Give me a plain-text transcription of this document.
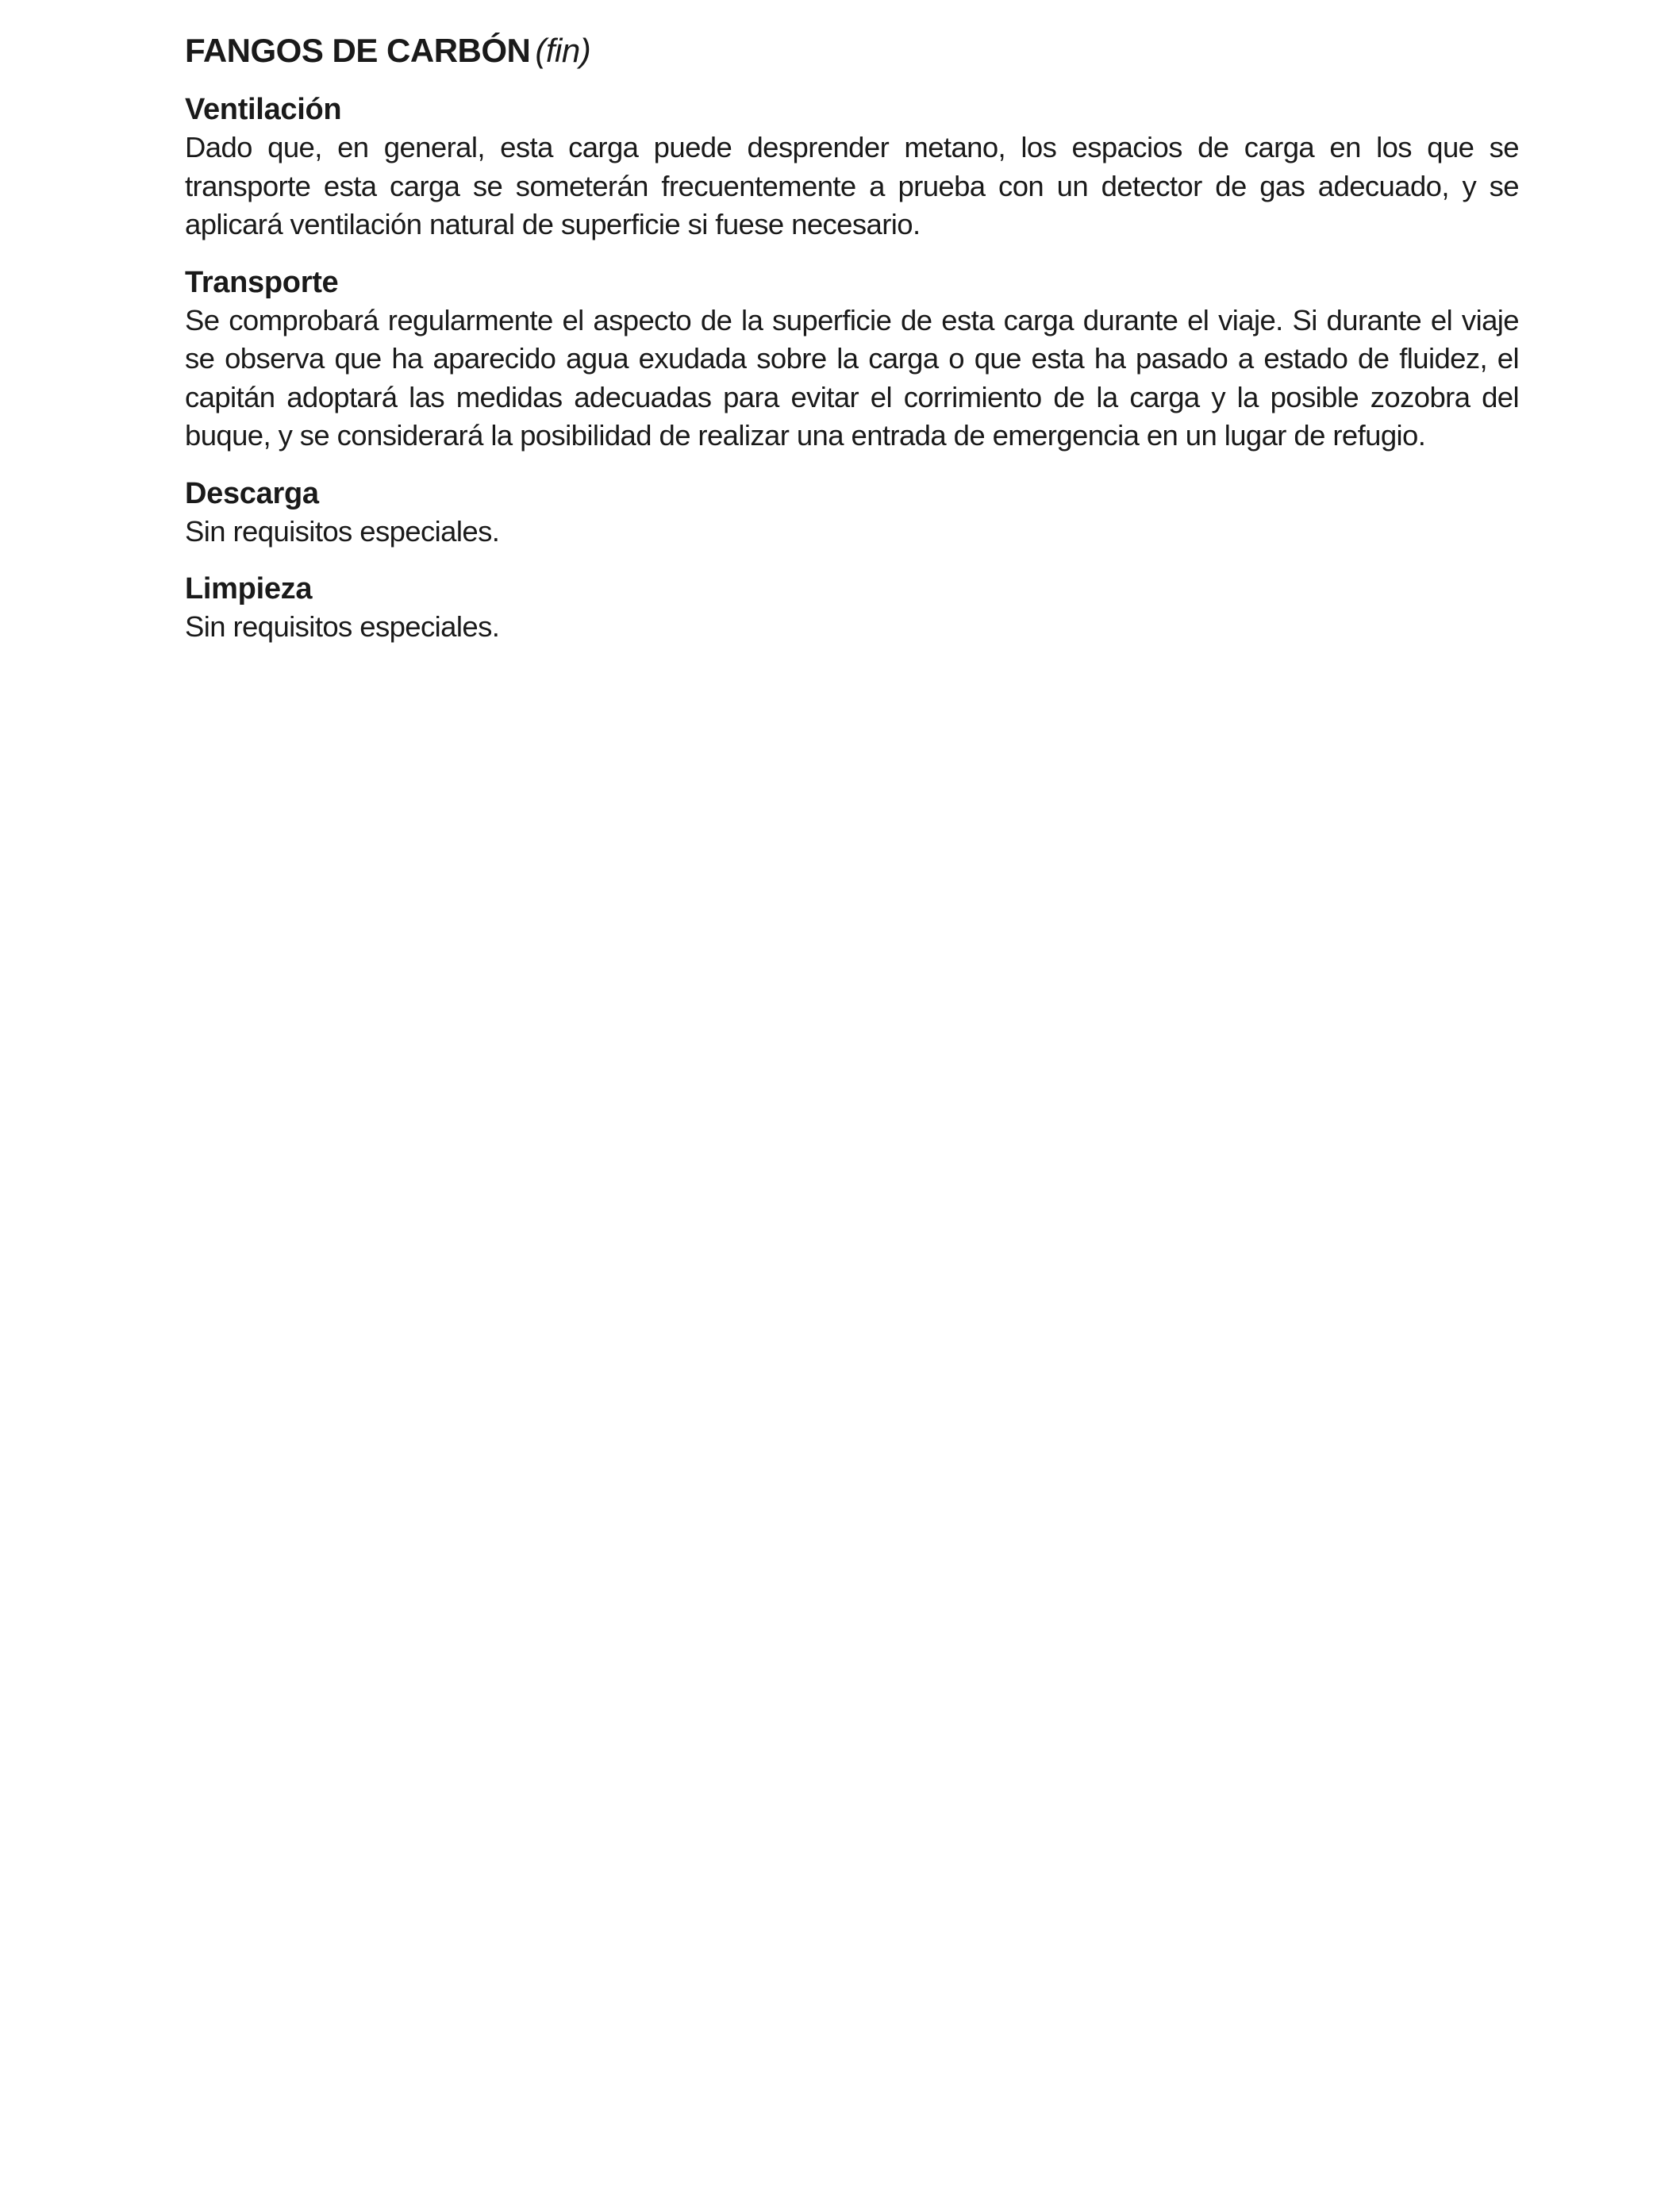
FANGOS DE CARBÓN (fin)
Ventilación

Dado que, en general, esta carga puede desprender metano, los espacios de carga en los que se transporte esta carga se someterán frecuentemente a prueba con un detector de gas adecuado, y se aplicará ventilación natural de superficie si fuese necesario.

Transporte

Se comprobará regularmente el aspecto de la superficie de esta carga durante el viaje. Si durante el viaje se observa que ha aparecido agua exudada sobre la carga o que esta ha pasado a estado de fluidez, el capitán adoptará las medidas adecuadas para evitar el corrimiento de la carga y la posible zozobra del buque, y se considerará la posibilidad de realizar una entrada de emergencia en un lugar de refugio.

Descarga

Sin requisitos especiales.

Limpieza

Sin requisitos especiales.
